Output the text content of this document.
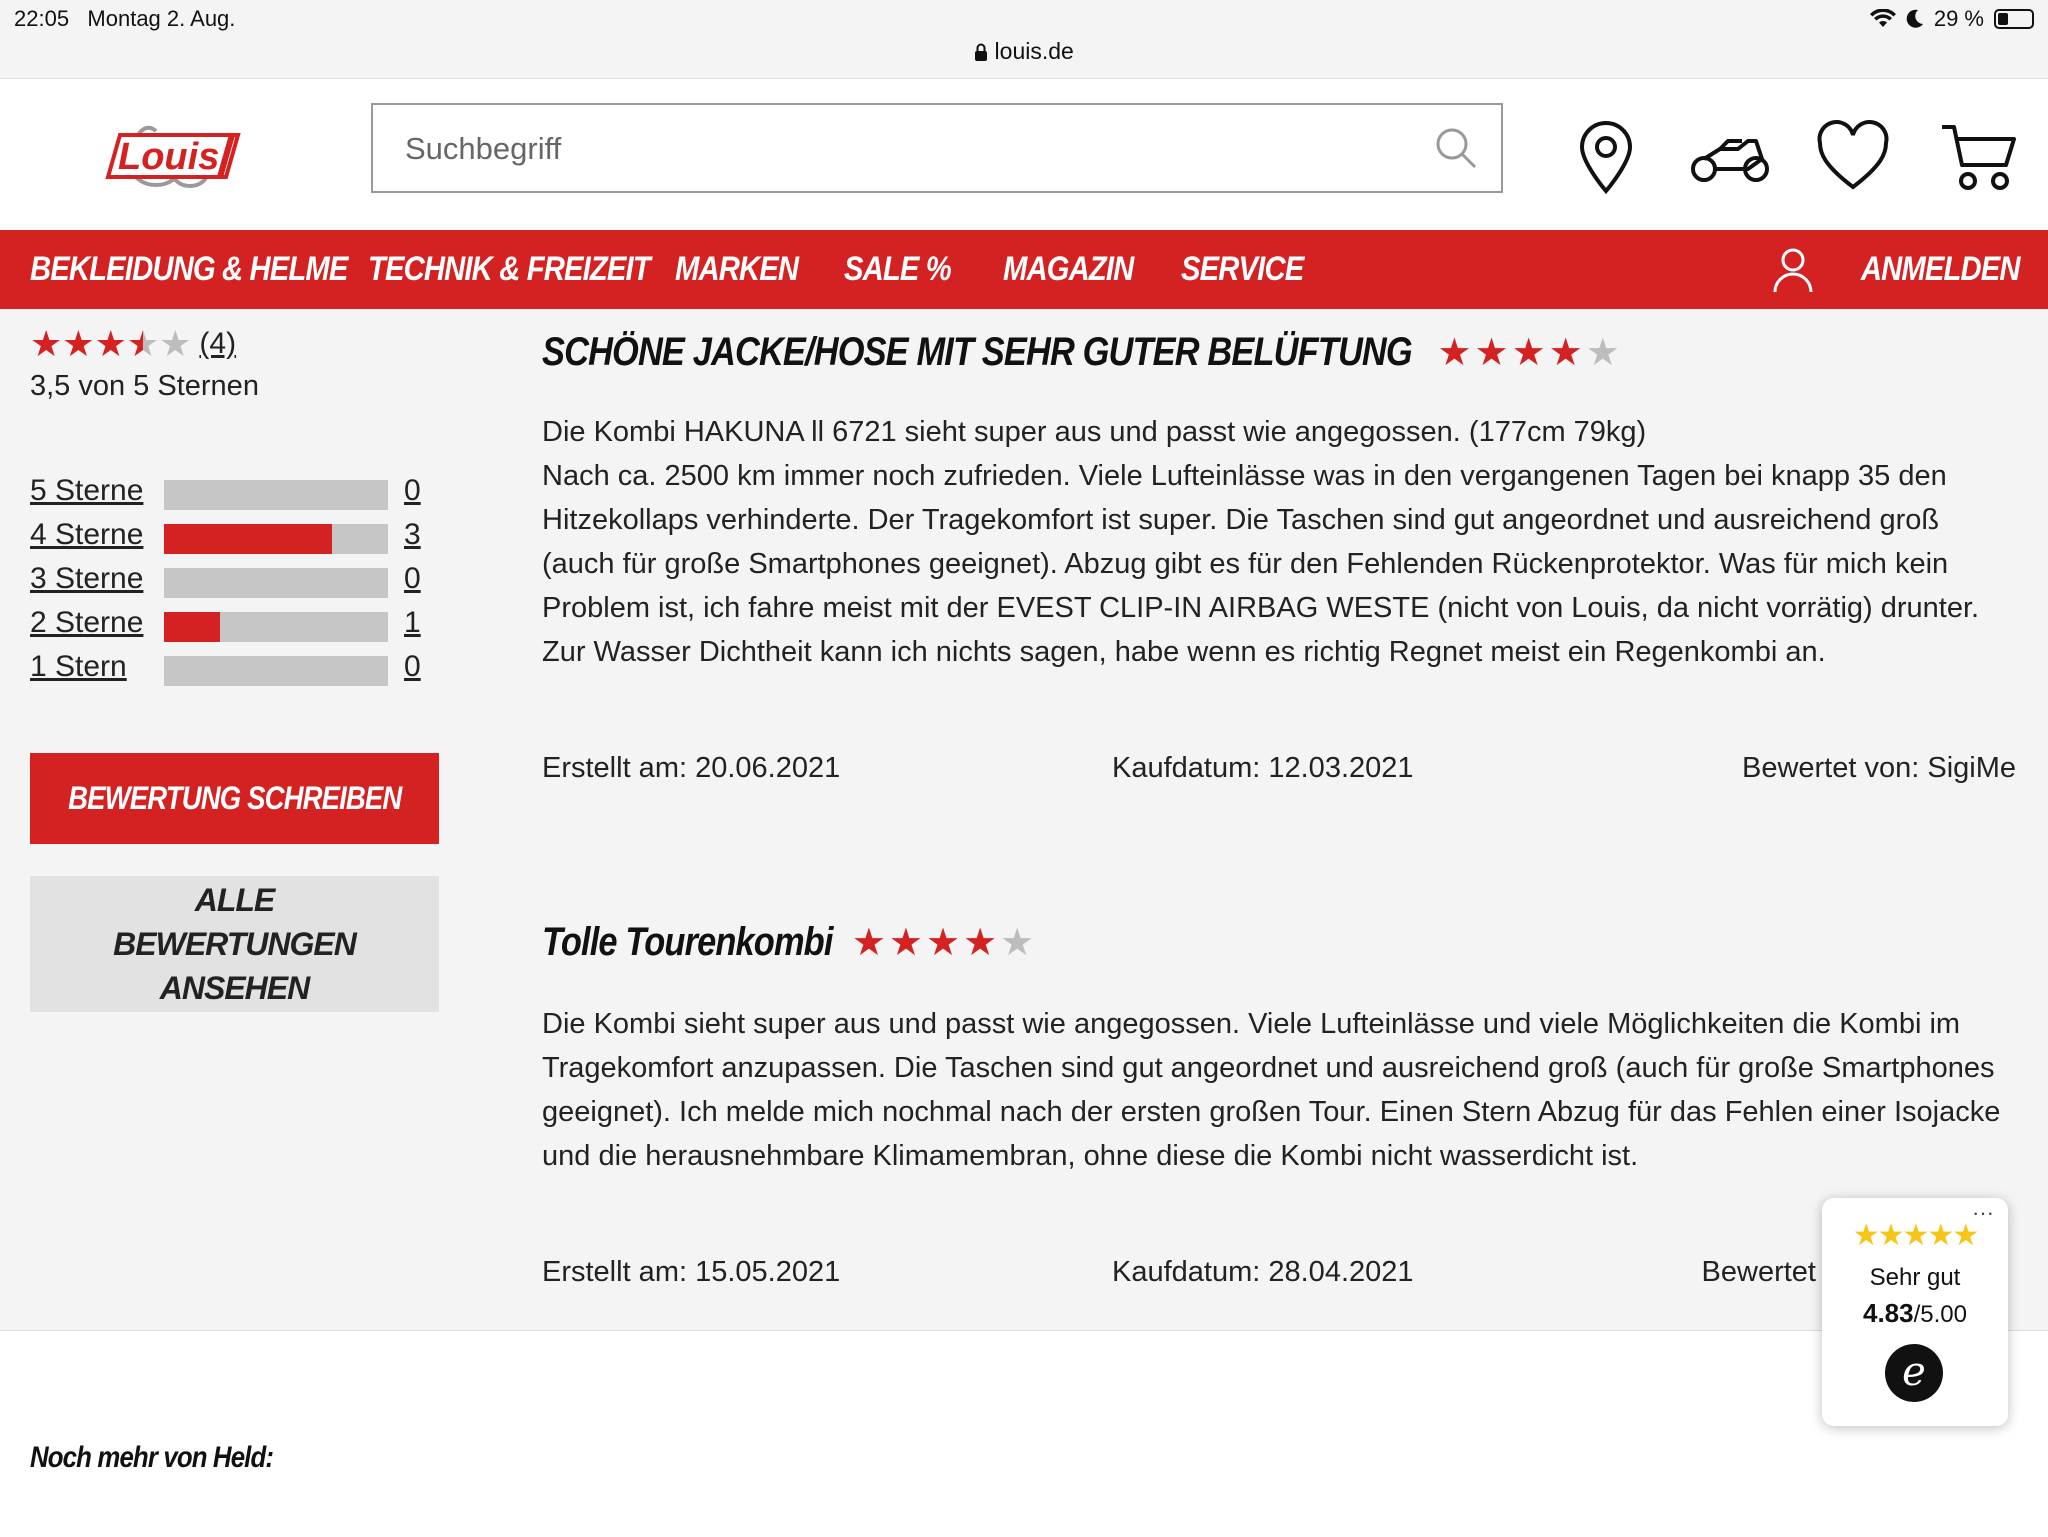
22:05 Montag 2. Aug.	29 %
louis.de
Louis
Suchbegriff
BEKLEIDUNG & HELME TECHNIK & FREIZEIT MARKEN	SALE %	MAGAZIN	SERVICE	ANMELDEN
★ ★ ★ ★ ★ (4)
3,5 von 5 Sternen
5 Sterne	0
4 Sterne	3
3 Sterne	0
2 Sterne	1
1 Stern	0
BEWERTUNG SCHREIBEN
ALLE BEWERTUNGEN ANSEHEN
SCHÖNE JACKE/HOSE MIT SEHR GUTER BELÜFTUNG ★ ★ ★ ★ ★

Die Kombi HAKUNA ll 6721 sieht super aus und passt wie angegossen. (177cm 79kg)

Nach ca. 2500 km immer noch zufrieden. Viele Lufteinlässe was in den vergangenen Tagen bei knapp 35 den Hitzekollaps verhinderte. Der Tragekomfort ist super. Die Taschen sind gut angeordnet und ausreichend groß (auch für große Smartphones geeignet). Abzug gibt es für den Fehlenden Rückenprotektor. Was für mich kein Problem ist, ich fahre meist mit der EVEST CLIP-IN AIRBAG WESTE (nicht von Louis, da nicht vorrätig) drunter.

Zur Wasser Dichtheit kann ich nichts sagen, habe wenn es richtig Regnet meist ein Regenkombi an.

Erstellt am: 20.06.2021	Kaufdatum: 12.03.2021	Bewertet von: SigiMe
Tolle Tourenkombi ★ ★ ★ ★ ★

Die Kombi sieht super aus und passt wie angegossen. Viele Lufteinlässe und viele Möglichkeiten die Kombi im Tragekomfort anzupassen. Die Taschen sind gut angeordnet und ausreichend groß (auch für große Smartphones geeignet). Ich melde mich nochmal nach der ersten großen Tour. Einen Stern Abzug für das Fehlen einer Isojacke und die herausnehmbare Klimamembran, ohne diese die Kombi nicht wasserdicht ist.

Erstellt am: 15.05.2021	Kaufdatum: 28.04.2021	Bewertet
Noch mehr von Held:
···
★★★★★
Sehr gut
4.83/5.00
e
